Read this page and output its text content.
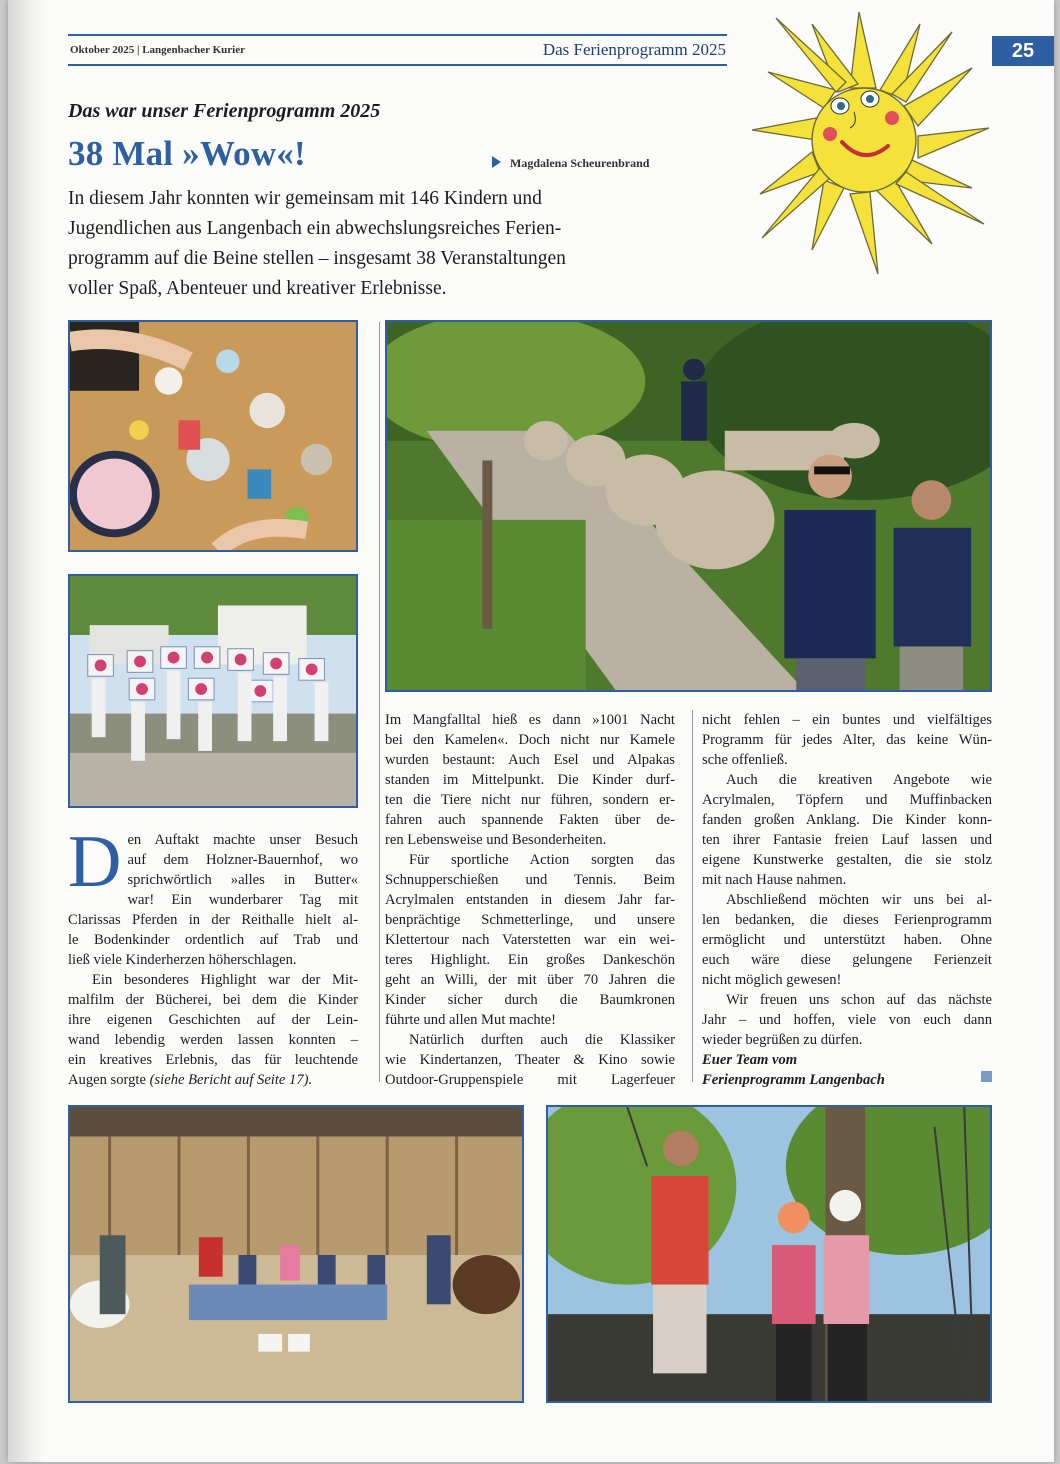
Oktober 2025 | Langenbacher Kurier	Das Ferienprogramm 2025	25
Das war unser Ferienprogramm 2025
38 Mal »Wow«!	Magdalena Scheurenbrand

In diesem Jahr konnten wir gemeinsam mit 146 Kindern und
Jugendlichen aus Langenbach ein abwechslungsreiches Ferien-
programm auf die Beine stellen – insgesamt 38 Veranstaltungen
voller Spaß, Abenteuer und kreativer Erlebnisse.

D en Auftakt machte unser Besuch
auf dem Holzner-Bauernhof, wo
sprichwörtlich »alles in Butter«
war! Ein wunderbarer Tag mit
Clarissas Pferden in der Reithalle hielt al-
le Bodenkinder ordentlich auf Trab und
ließ viele Kinderherzen höherschlagen.
Ein besonderes Highlight war der Mit-
malfilm der Bücherei, bei dem die Kinder
ihre eigenen Geschichten auf der Lein-
wand lebendig werden lassen konnten –
ein kreatives Erlebnis, das für leuchtende
Augen sorgte (siehe Bericht auf Seite 17).
Im Mangfalltal hieß es dann »1001 Nacht
bei den Kamelen«. Doch nicht nur Kamele
wurden bestaunt: Auch Esel und Alpakas
standen im Mittelpunkt. Die Kinder durf-
ten die Tiere nicht nur führen, sondern er-
fahren auch spannende Fakten über de-
ren Lebensweise und Besonderheiten.
Für sportliche Action sorgten das
Schnupperschießen und Tennis. Beim
Acrylmalen entstanden in diesem Jahr far-
benprächtige Schmetterlinge, und unsere
Klettertour nach Vaterstetten war ein wei-
teres Highlight. Ein großes Dankeschön
geht an Willi, der mit über 70 Jahren die
Kinder sicher durch die Baumkronen
führte und allen Mut machte!
Natürlich durften auch die Klassiker
wie Kindertanzen, Theater & Kino sowie
Outdoor-Gruppenspiele mit Lagerfeuer
nicht fehlen – ein buntes und vielfältiges
Programm für jedes Alter, das keine Wün-
sche offenließ.
Auch die kreativen Angebote wie
Acrylmalen, Töpfern und Muffinbacken
fanden großen Anklang. Die Kinder konn-
ten ihrer Fantasie freien Lauf lassen und
eigene Kunstwerke gestalten, die sie stolz
mit nach Hause nahmen.
Abschließend möchten wir uns bei al-
len bedanken, die dieses Ferienprogramm
ermöglicht und unterstützt haben. Ohne
euch wäre diese gelungene Ferienzeit
nicht möglich gewesen!
Wir freuen uns schon auf das nächste
Jahr – und hoffen, viele von euch dann
wieder begrüßen zu dürfen.
Euer Team vom
Ferienprogramm Langenbach
